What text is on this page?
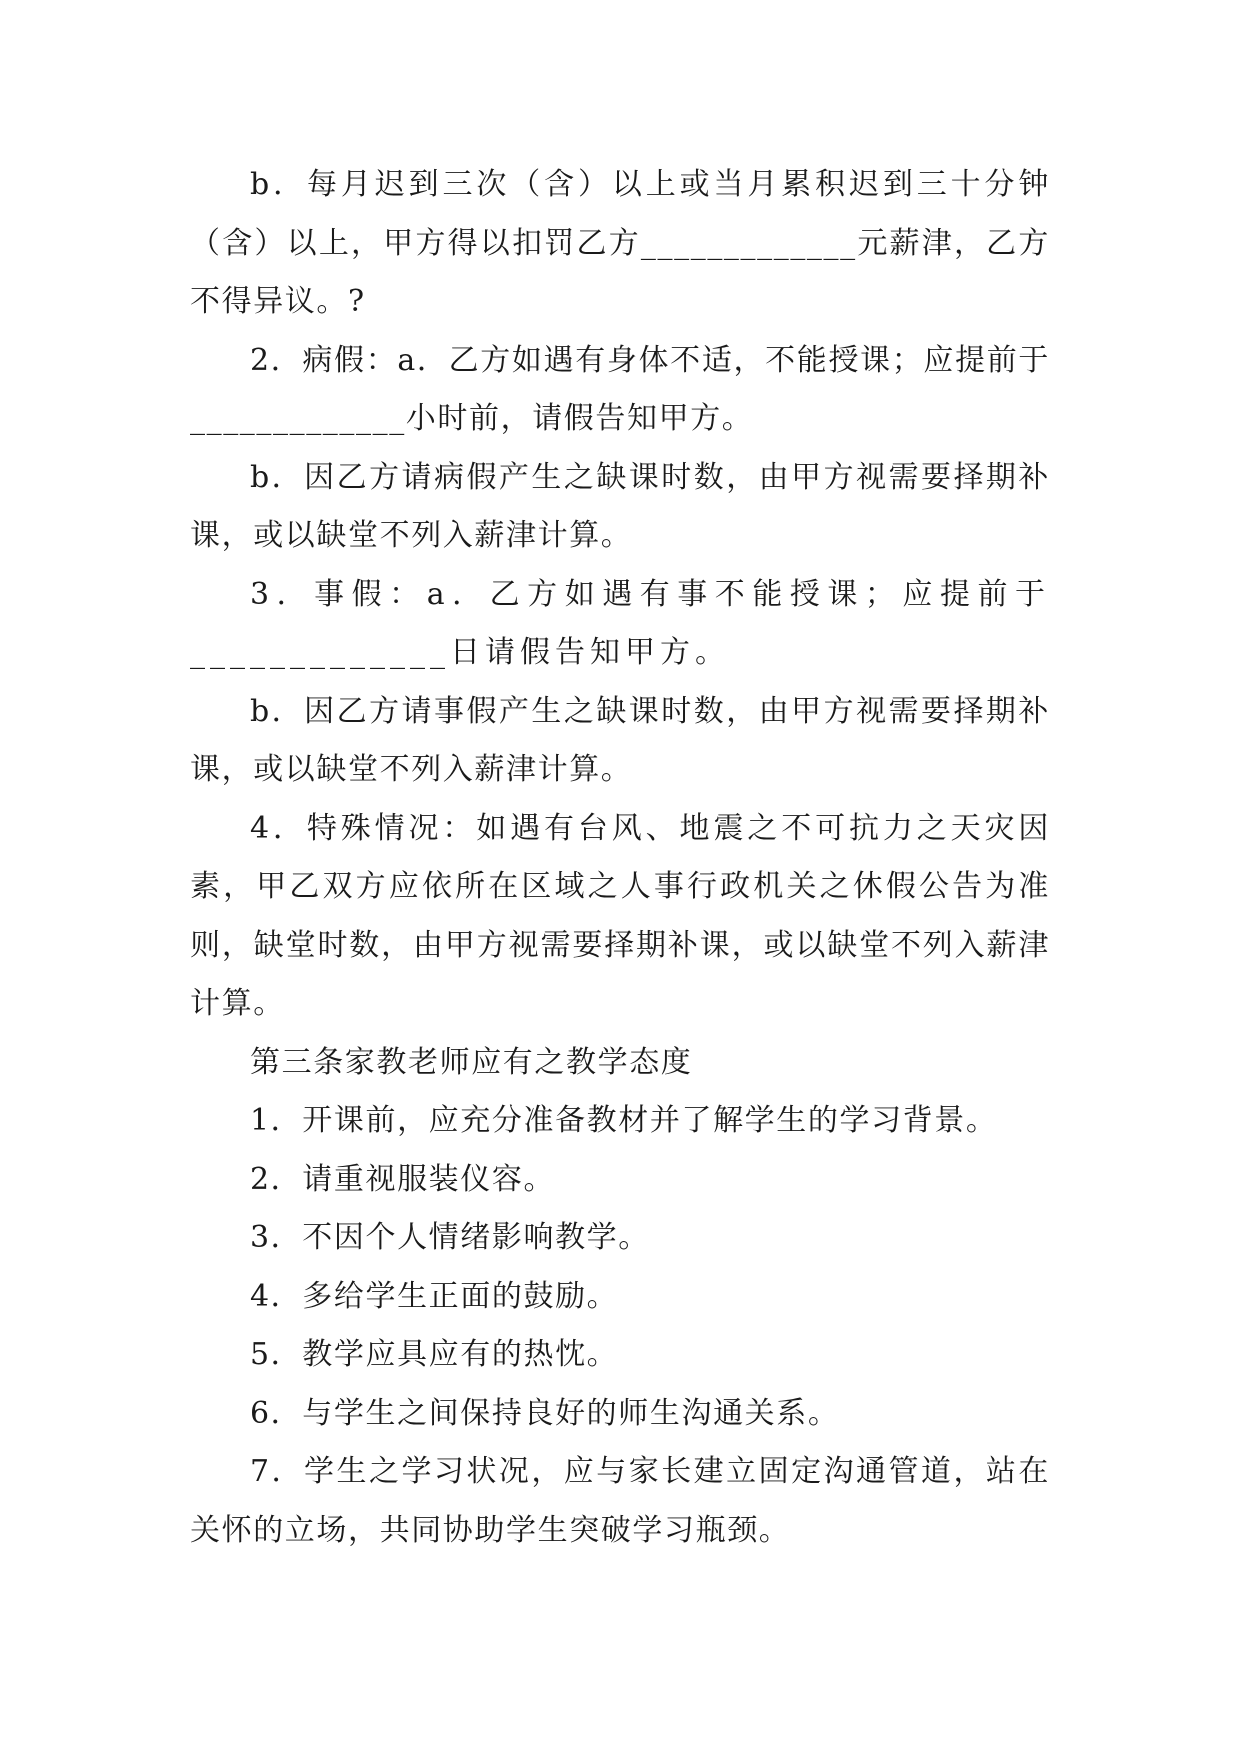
b．每月迟到三次（含）以上或当月累积迟到三十分钟（含）以上，甲方得以扣罚乙方_____________元薪津，乙方不得异议。?

2．病假：a．乙方如遇有身体不适，不能授课；应提前于_____________小时前，请假告知甲方。

b．因乙方请病假产生之缺课时数，由甲方视需要择期补课，或以缺堂不列入薪津计算。

3．事假：a．乙方如遇有事不能授课；应提前于_____________日请假告知甲方。

b．因乙方请事假产生之缺课时数，由甲方视需要择期补课，或以缺堂不列入薪津计算。

4．特殊情况：如遇有台风、地震之不可抗力之天灾因素，甲乙双方应依所在区域之人事行政机关之休假公告为准则，缺堂时数，由甲方视需要择期补课，或以缺堂不列入薪津计算。

第三条家教老师应有之教学态度

1．开课前，应充分准备教材并了解学生的学习背景。

2．请重视服装仪容。

3．不因个人情绪影响教学。

4．多给学生正面的鼓励。

5．教学应具应有的热忱。

6．与学生之间保持良好的师生沟通关系。

7．学生之学习状况，应与家长建立固定沟通管道，站在关怀的立场，共同协助学生突破学习瓶颈。
